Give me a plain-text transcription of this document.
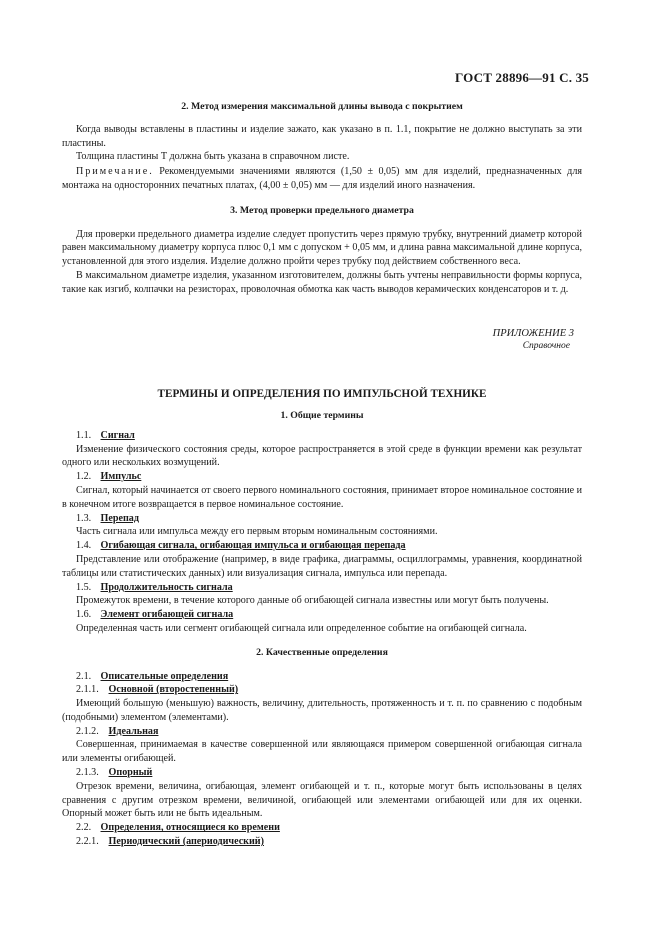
ГОСТ 28896—91 С. 35
2. Метод измерения максимальной длины вывода с покрытием

Когда выводы вставлены в пластины и изделие зажато, как указано в п. 1.1, покрытие не должно выступать за эти пластины.

Толщина пластины Т должна быть указана в справочном листе.

Примечание. Рекомендуемыми значениями являются (1,50 ± 0,05) мм для изделий, предназначенных для монтажа на односторонних печатных платах, (4,00 ± 0,05) мм — для изделий иного назначения.

3. Метод проверки предельного диаметра

Для проверки предельного диаметра изделие следует пропустить через прямую трубку, внутренний диаметр которой равен максимальному диаметру корпуса плюс 0,1 мм с допуском + 0,05 мм, и длина равна максимальной длине корпуса, установленной для этого изделия. Изделие должно пройти через трубку под действием собственного веса.

В максимальном диаметре изделия, указанном изготовителем, должны быть учтены неправильности формы корпуса, такие как изгиб, колпачки на резисторах, проволочная обмотка как часть выводов керамических конденсаторов и т. д.

ПРИЛОЖЕНИЕ 3
Справочное
ТЕРМИНЫ И ОПРЕДЕЛЕНИЯ ПО ИМПУЛЬСНОЙ ТЕХНИКЕ
1. Общие термины
1.1. Сигнал

Изменение физического состояния среды, которое распространяется в этой среде в функции времени как результат одного или нескольких возмущений.

1.2. Импульс

Сигнал, который начинается от своего первого номинального состояния, принимает второе номинальное состояние и в конечном итоге возвращается в первое номинальное состояние.

1.3. Перепад

Часть сигнала или импульса между его первым вторым номинальным состояниями.

1.4. Огибающая сигнала, огибающая импульса и огибающая перепада

Представление или отображение (например, в виде графика, диаграммы, осциллограммы, уравнения, координатной таблицы или статистических данных) или визуализация сигнала, импульса или перепада.

1.5. Продолжительность сигнала

Промежуток времени, в течение которого данные об огибающей сигнала известны или могут быть получены.

1.6. Элемент огибающей сигнала

Определенная часть или сегмент огибающей сигнала или определенное событие на огибающей сигнала.

2. Качественные определения
2.1. Описательные определения
2.1.1. Основной (второстепенный)

Имеющий большую (меньшую) важность, величину, длительность, протяженность и т. п. по сравнению с подобным (подобными) элементом (элементами).

2.1.2. Идеальная

Совершенная, принимаемая в качестве совершенной или являющаяся примером совершенной огибающая сигнала или элементы огибающей.

2.1.3. Опорный

Отрезок времени, величина, огибающая, элемент огибающей и т. п., которые могут быть использованы в целях сравнения с другим отрезком времени, величиной, огибающей или элементами огибающей или для их оценки. Опорный может быть или не быть идеальным.

2.2. Определения, относящиеся ко времени
2.2.1. Периодический (апериодический)
